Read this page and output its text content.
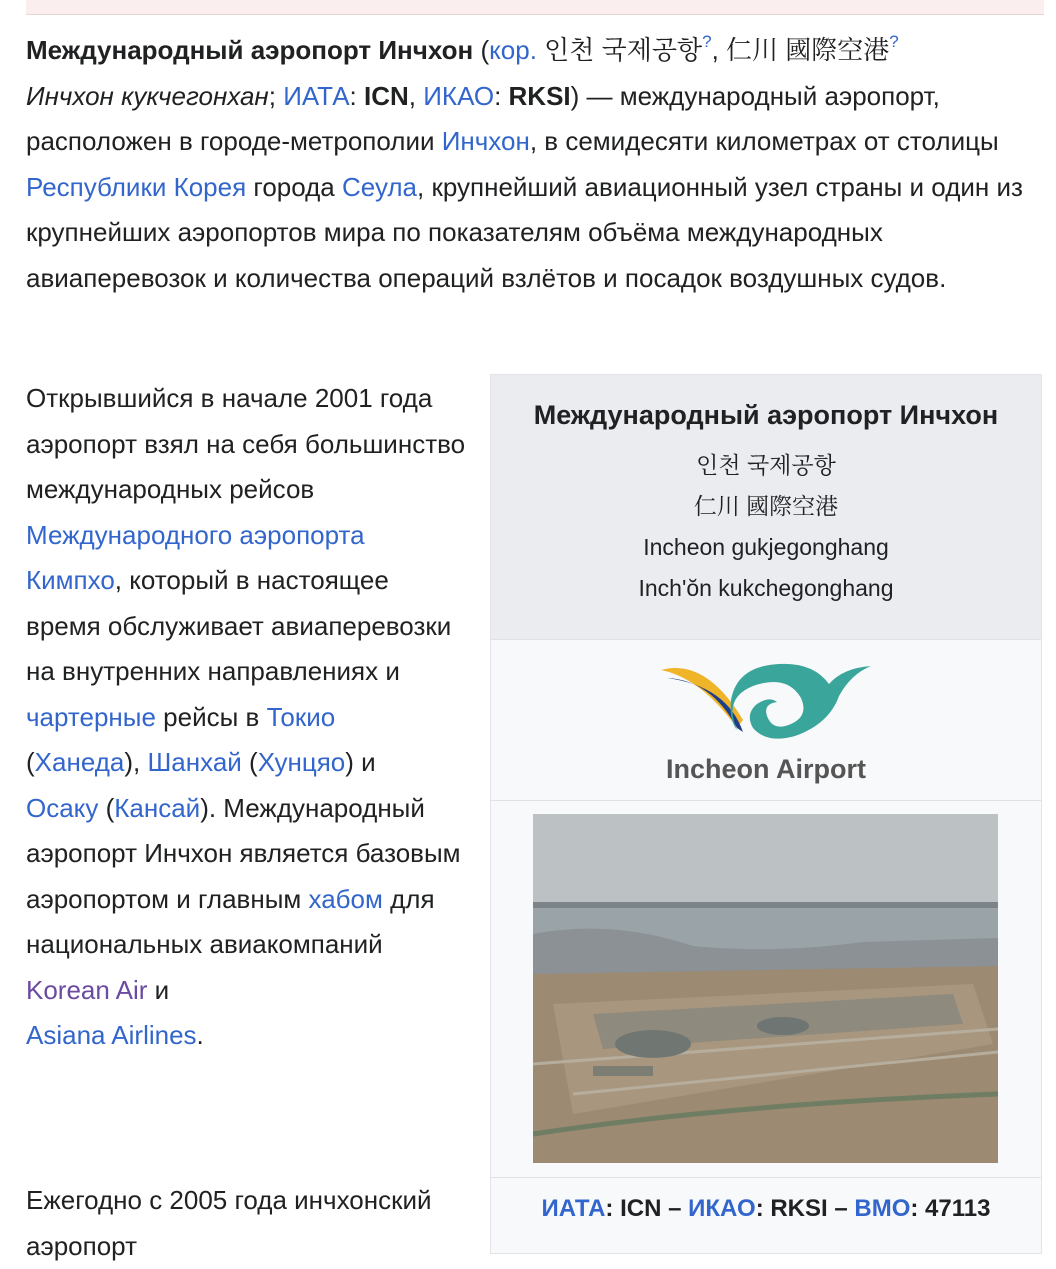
Международный аэропорт Инчхон (кор. 인천 국제공항?, 仁川 國際空港?
Инчхон кукчегонхан; ИАТА: ICN, ИКАО: RKSI) — международный аэропорт, расположен в городе-метрополии Инчхон, в семидесяти километрах от столицы Республики Корея города Сеула, крупнейший авиационный узел страны и один из крупнейших аэропортов мира по показателям объёма международных авиаперевозок и количества операций взлётов и посадок воздушных судов.

Открывшийся в начале 2001 года аэропорт взял на себя большинство международных рейсов Международного аэропорта Кимпхо, который в настоящее время обслуживает авиаперевозки на внутренних направлениях и чартерные рейсы в Токио
(Ханеда), Шанхай (Хунцяо) и
Осаку (Кансай). Международный аэропорт Инчхон является базовым аэропортом и главным хабом для национальных авиакомпаний Korean Air и
Asiana Airlines.

Ежегодно с 2005 года инчхонский аэропорт

Международный аэропорт Инчхон
인천 국제공항
仁川 國際空港
Incheon gukjegonghang
Inch'ŏn kukchegonghang
Incheon Airport
ИАТА: ICN – ИКАО: RKSI – ВМО: 47113
